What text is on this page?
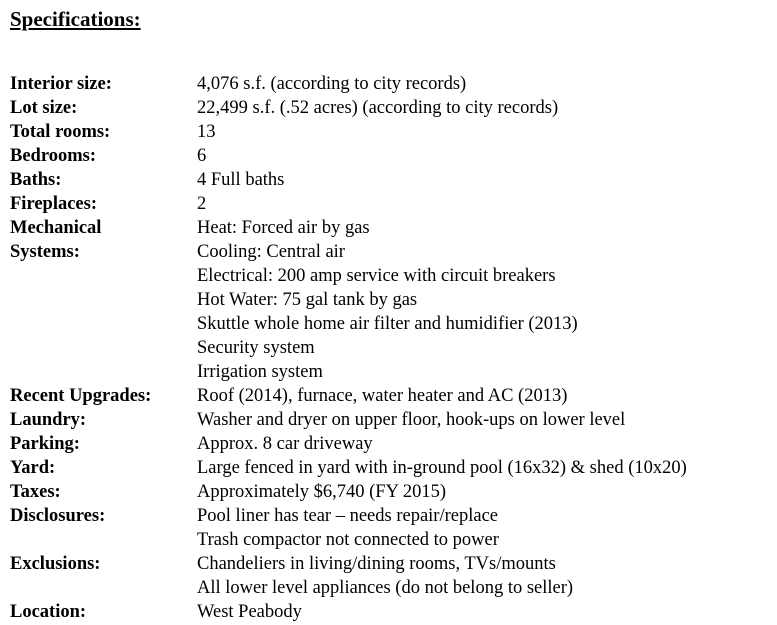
Specifications:
Interior size:	4,076 s.f. (according to city records)
Lot size:	22,499 s.f. (.52 acres) (according to city records)
Total rooms:	13
Bedrooms:	6
Baths:	4 Full baths
Fireplaces:	2
Mechanical	Heat: Forced air by gas
Systems:	Cooling: Central air
	Electrical: 200 amp service with circuit breakers
	Hot Water: 75 gal tank by gas
	Skuttle whole home air filter and humidifier (2013)
	Security system
	Irrigation system
Recent Upgrades:	Roof (2014), furnace, water heater and AC (2013)
Laundry:	Washer and dryer on upper floor, hook-ups on lower level
Parking:	Approx. 8 car driveway
Yard:	Large fenced in yard with in-ground pool (16x32) & shed (10x20)
Taxes:	Approximately $6,740 (FY 2015)
Disclosures:	Pool liner has tear – needs repair/replace
	Trash compactor not connected to power
Exclusions:	Chandeliers in living/dining rooms, TVs/mounts
	All lower level appliances (do not belong to seller)
Location:	West Peabody
